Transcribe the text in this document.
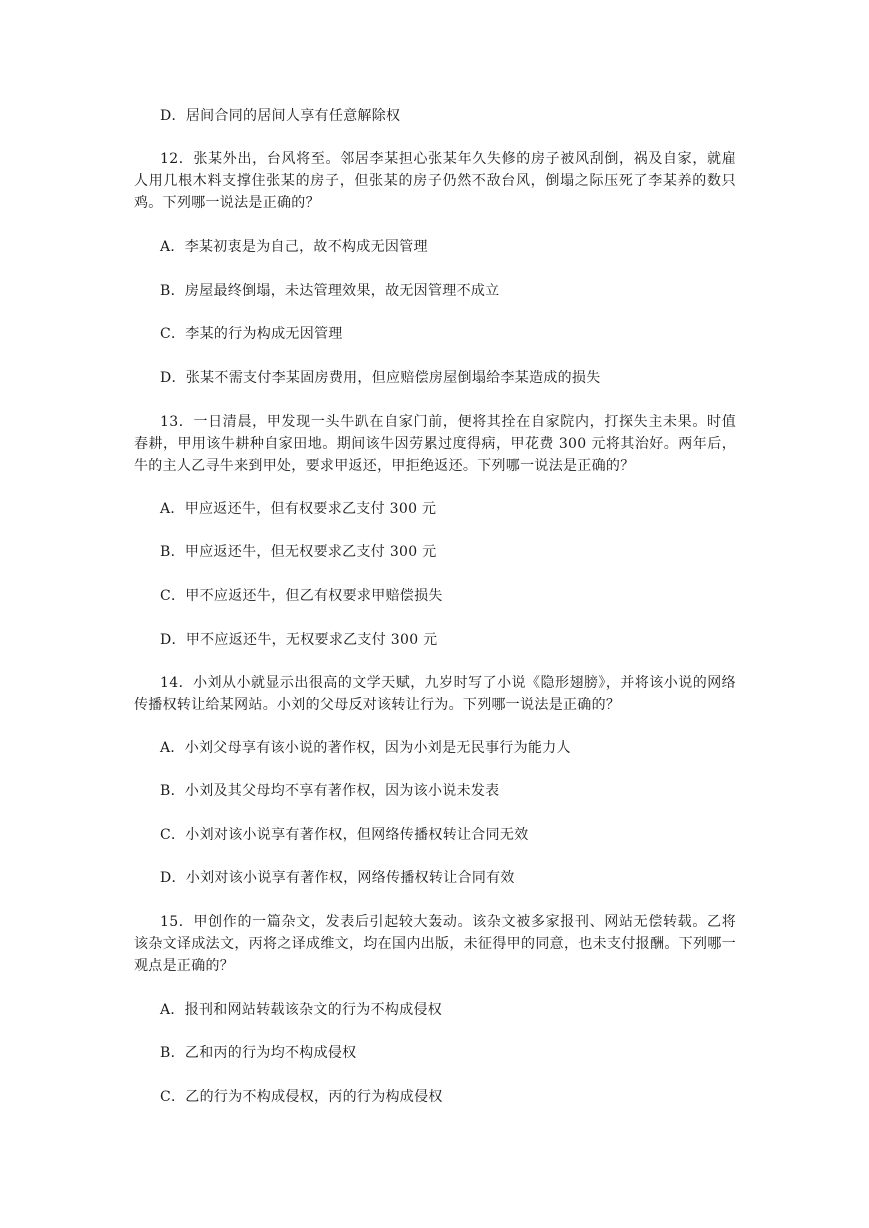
D．居间合同的居间人享有任意解除权
12．张某外出，台风将至。邻居李某担心张某年久失修的房子被风刮倒，祸及自家，就雇人用几根木料支撑住张某的房子，但张某的房子仍然不敌台风，倒塌之际压死了李某养的数只鸡。下列哪一说法是正确的？
A．李某初衷是为自己，故不构成无因管理
B．房屋最终倒塌，未达管理效果，故无因管理不成立
C．李某的行为构成无因管理
D．张某不需支付李某固房费用，但应赔偿房屋倒塌给李某造成的损失
13．一日清晨，甲发现一头牛趴在自家门前，便将其拴在自家院内，打探失主未果。时值春耕，甲用该牛耕种自家田地。期间该牛因劳累过度得病，甲花费 300 元将其治好。两年后，牛的主人乙寻牛来到甲处，要求甲返还，甲拒绝返还。下列哪一说法是正确的？
A．甲应返还牛，但有权要求乙支付 300 元
B．甲应返还牛，但无权要求乙支付 300 元
C．甲不应返还牛，但乙有权要求甲赔偿损失
D．甲不应返还牛，无权要求乙支付 300 元
14．小刘从小就显示出很高的文学天赋，九岁时写了小说《隐形翅膀》，并将该小说的网络传播权转让给某网站。小刘的父母反对该转让行为。下列哪一说法是正确的？
A．小刘父母享有该小说的著作权，因为小刘是无民事行为能力人
B．小刘及其父母均不享有著作权，因为该小说未发表
C．小刘对该小说享有著作权，但网络传播权转让合同无效
D．小刘对该小说享有著作权，网络传播权转让合同有效
15．甲创作的一篇杂文，发表后引起较大轰动。该杂文被多家报刊、网站无偿转载。乙将该杂文译成法文，丙将之译成维文，均在国内出版，未征得甲的同意，也未支付报酬。下列哪一观点是正确的？
A．报刊和网站转载该杂文的行为不构成侵权
B．乙和丙的行为均不构成侵权
C．乙的行为不构成侵权，丙的行为构成侵权
